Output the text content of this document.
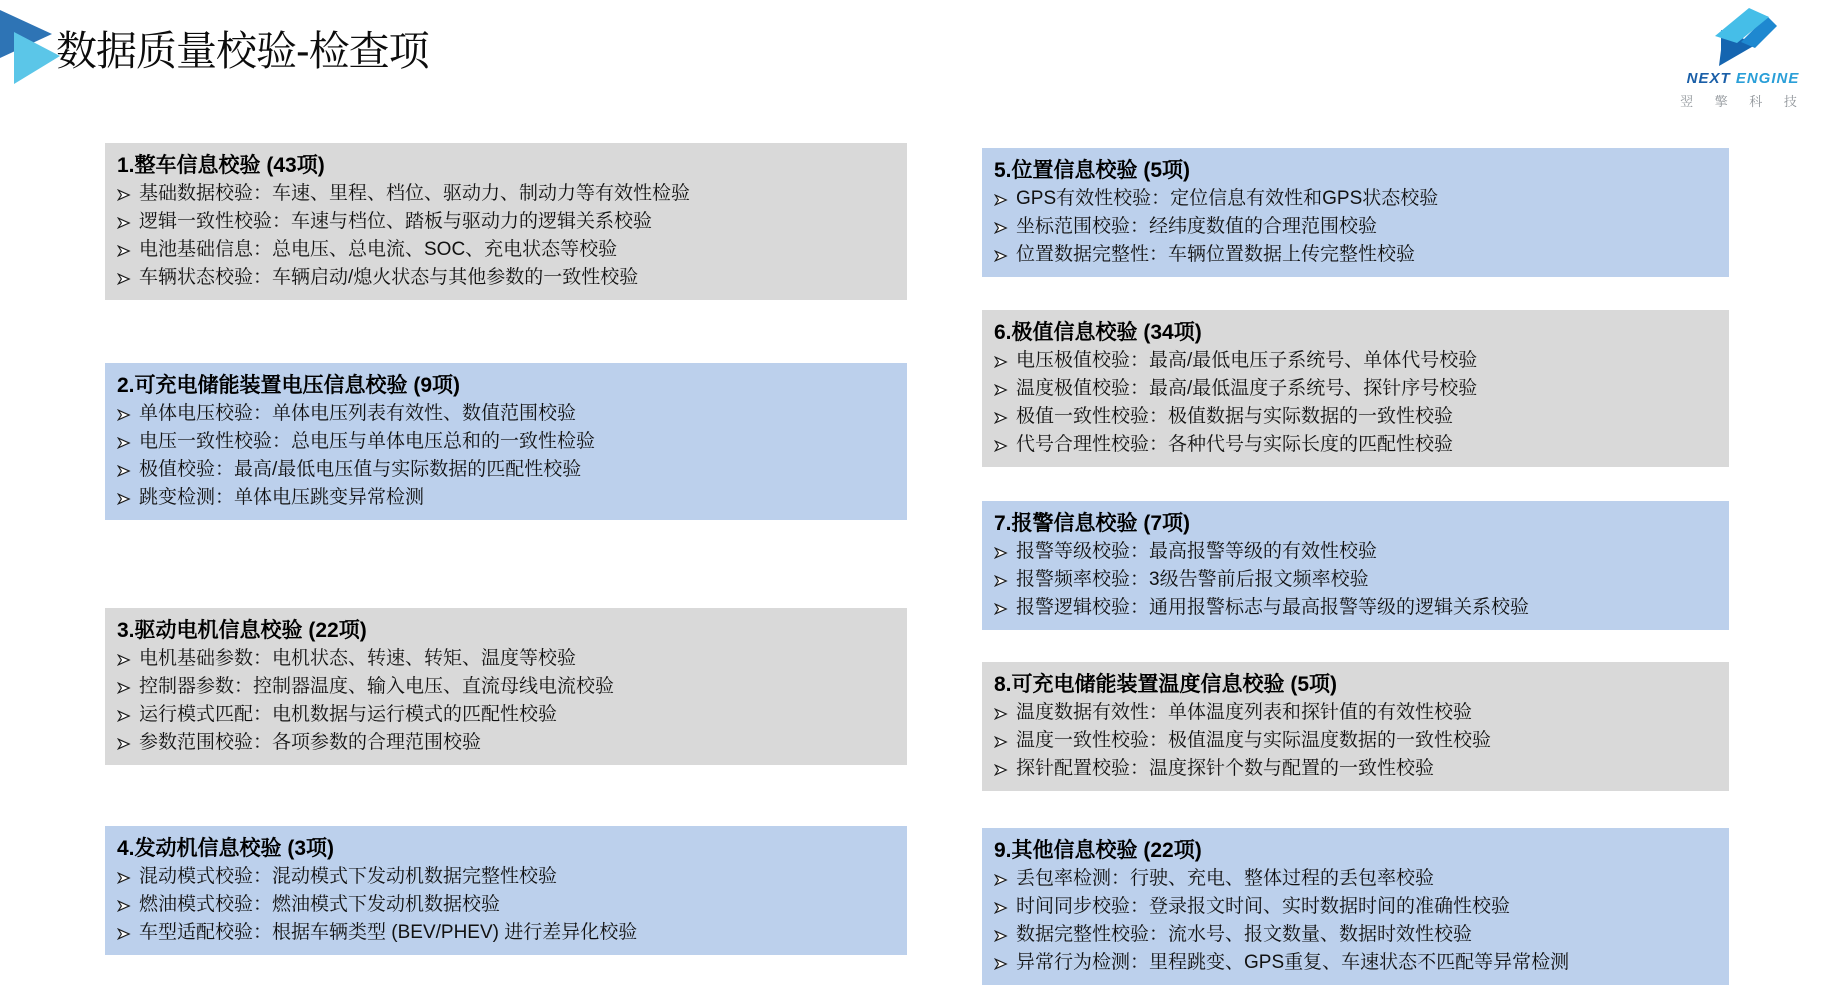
数据质量校验-检查项
NEXT ENGINE
翌 擎 科 技
1.整车信息校验 (43项)
基础数据校验：车速、里程、档位、驱动力、制动力等有效性检验
逻辑一致性校验：车速与档位、踏板与驱动力的逻辑关系校验
电池基础信息：总电压、总电流、SOC、充电状态等校验
车辆状态校验：车辆启动/熄火状态与其他参数的一致性校验
2.可充电储能装置电压信息校验 (9项)
单体电压校验：单体电压列表有效性、数值范围校验
电压一致性校验：总电压与单体电压总和的一致性检验
极值校验：最高/最低电压值与实际数据的匹配性校验
跳变检测：单体电压跳变异常检测
3.驱动电机信息校验 (22项)
电机基础参数：电机状态、转速、转矩、温度等校验
控制器参数：控制器温度、输入电压、直流母线电流校验
运行模式匹配：电机数据与运行模式的匹配性校验
参数范围校验：各项参数的合理范围校验
4.发动机信息校验 (3项)
混动模式校验：混动模式下发动机数据完整性校验
燃油模式校验：燃油模式下发动机数据校验
车型适配校验：根据车辆类型 (BEV/PHEV) 进行差异化校验
5.位置信息校验 (5项)
GPS有效性校验：定位信息有效性和GPS状态校验
坐标范围校验：经纬度数值的合理范围校验
位置数据完整性：车辆位置数据上传完整性校验
6.极值信息校验 (34项)
电压极值校验：最高/最低电压子系统号、单体代号校验
温度极值校验：最高/最低温度子系统号、探针序号校验
极值一致性校验：极值数据与实际数据的一致性校验
代号合理性校验：各种代号与实际长度的匹配性校验
7.报警信息校验 (7项)
报警等级校验：最高报警等级的有效性校验
报警频率校验：3级告警前后报文频率校验
报警逻辑校验：通用报警标志与最高报警等级的逻辑关系校验
8.可充电储能装置温度信息校验 (5项)
温度数据有效性：单体温度列表和探针值的有效性校验
温度一致性校验：极值温度与实际温度数据的一致性校验
探针配置校验：温度探针个数与配置的一致性校验
9.其他信息校验 (22项)
丢包率检测：行驶、充电、整体过程的丢包率校验
时间同步校验：登录报文时间、实时数据时间的准确性校验
数据完整性校验：流水号、报文数量、数据时效性校验
异常行为检测：里程跳变、GPS重复、车速状态不匹配等异常检测
